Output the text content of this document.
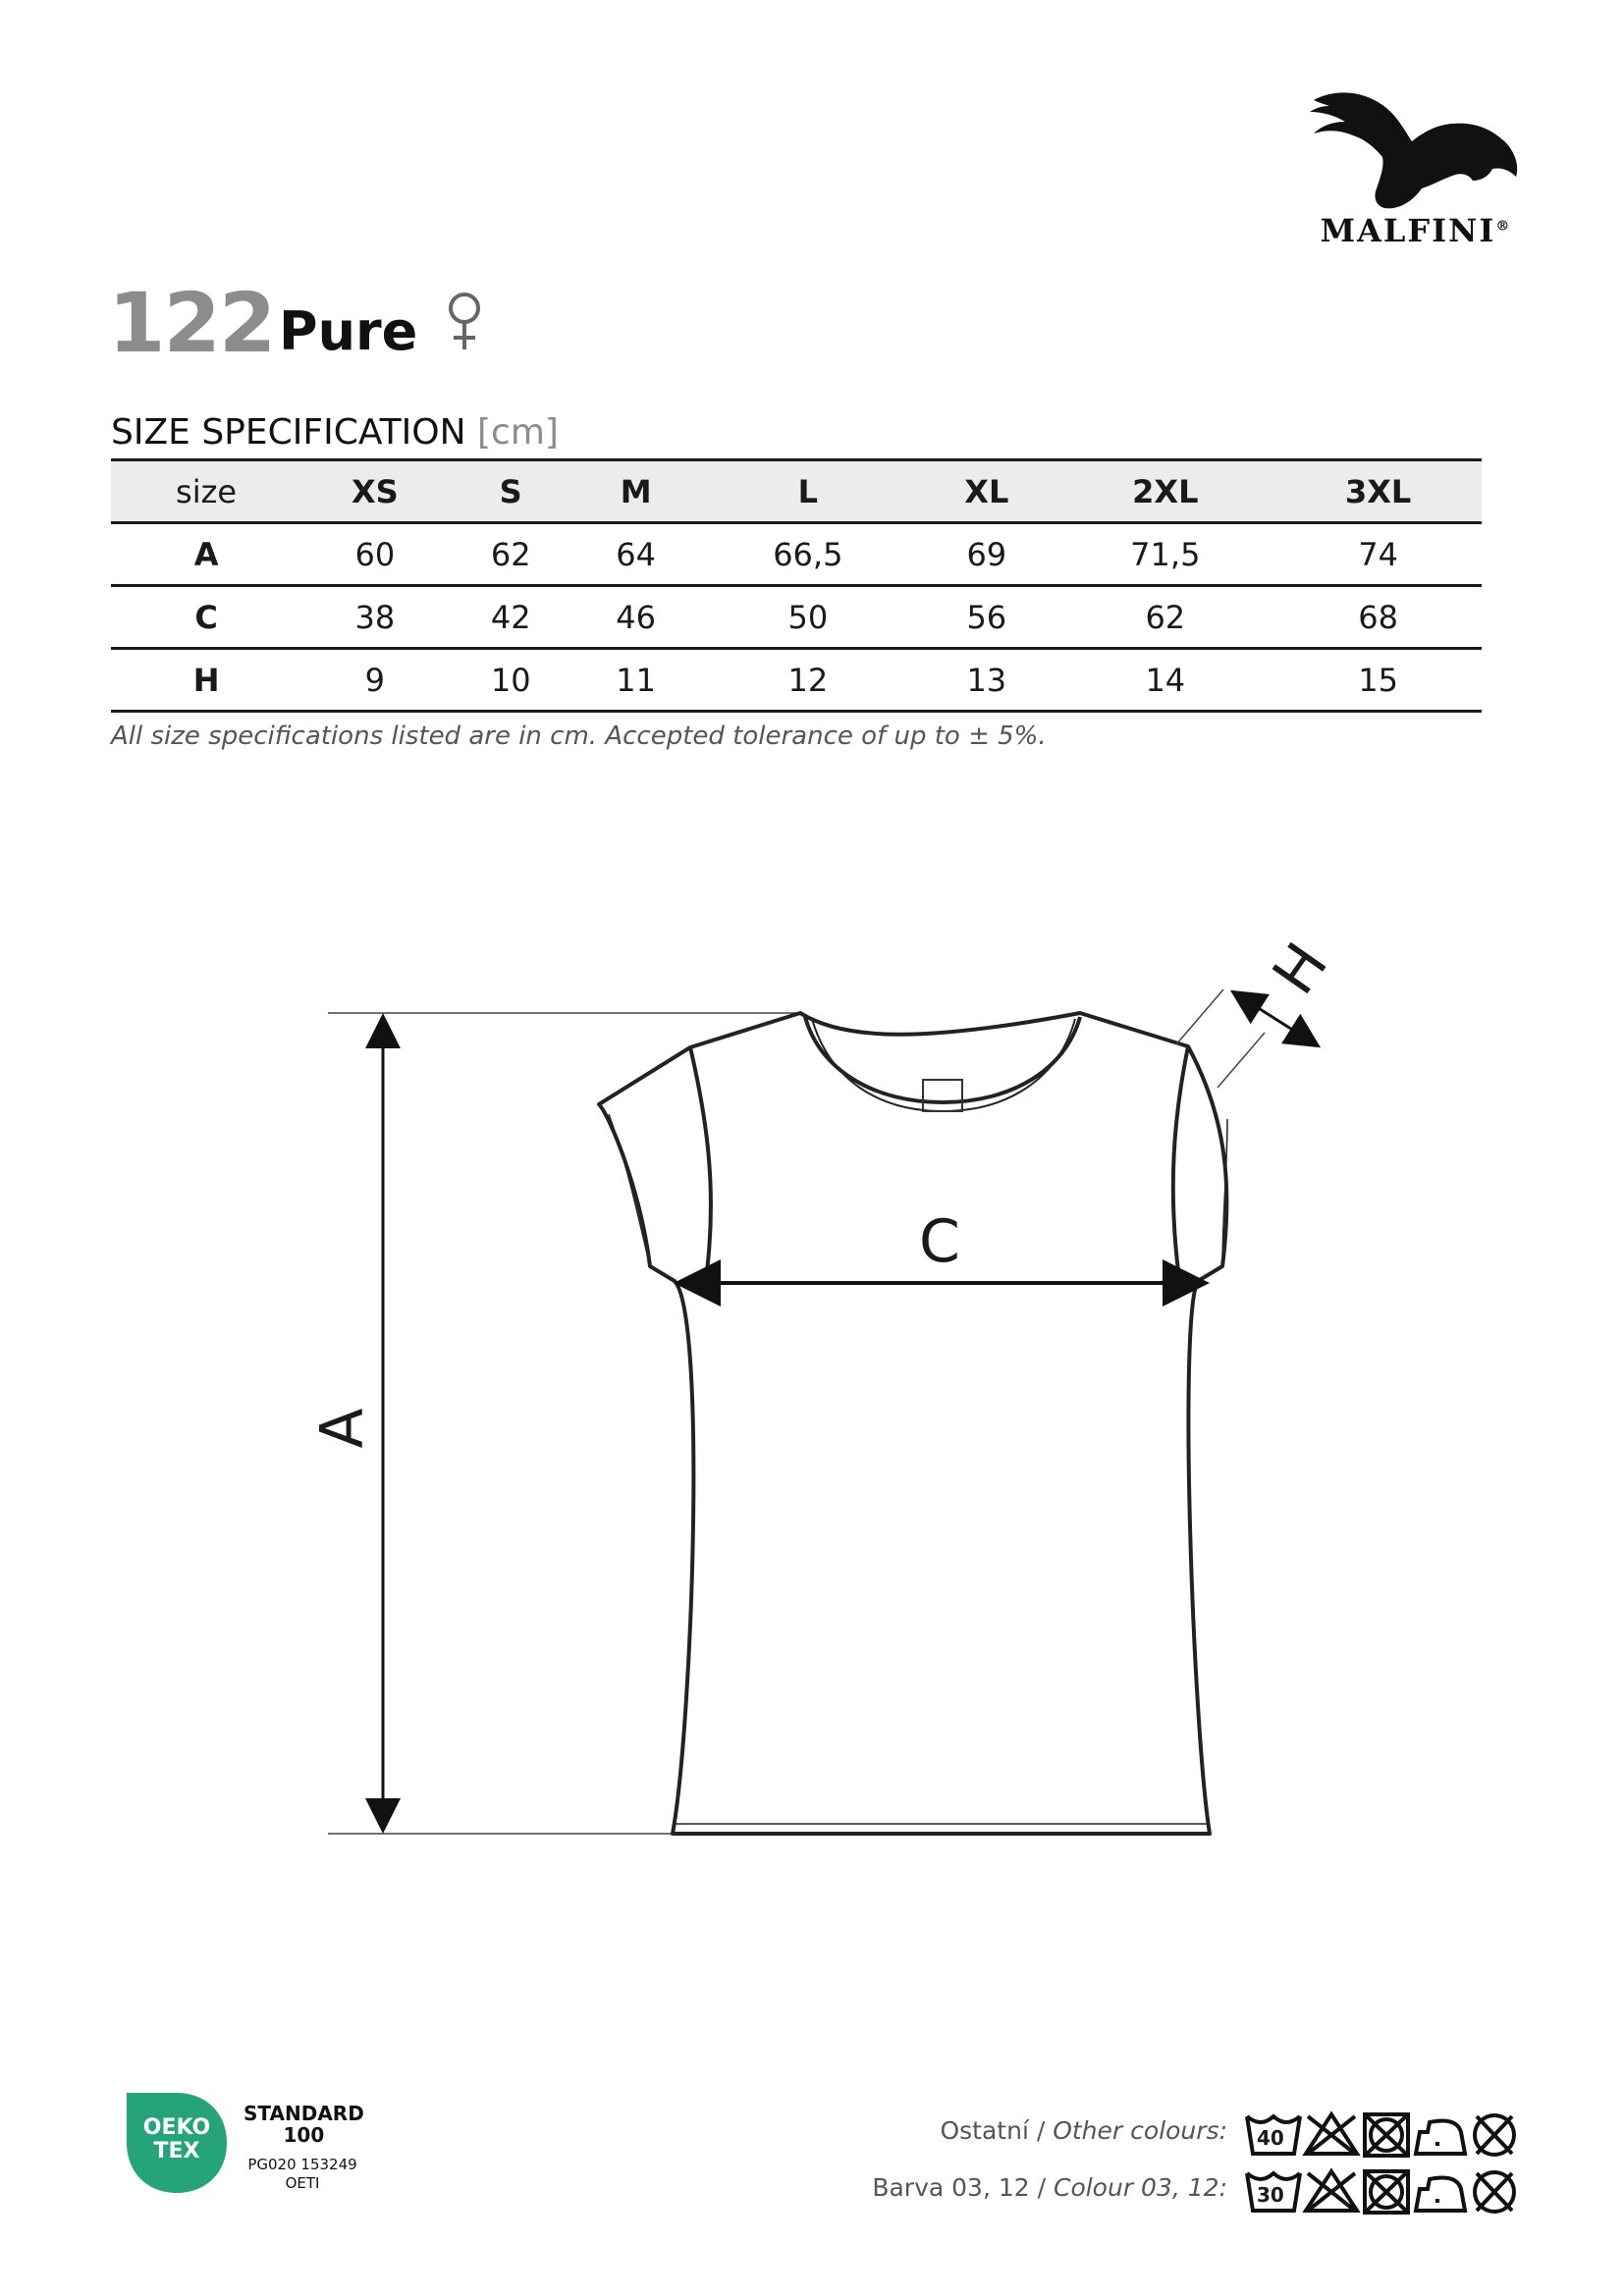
MALFINI®
122 Pure
SIZE SPECIFICATION [cm]
size	XS	S	M	L	XL	2XL	3XL
A	60	62	64	66,5	69	71,5	74
C	38	42	46	50	56	62	68
H	9	10	11	12	13	14	15
All size specifications listed are in cm. Accepted tolerance of up to ± 5%.
A
C
H
OEKO
TEX
STANDARD
100
PG020 153249
OETI
Ostatní / Other colours:
Barva 03, 12 / Colour 03, 12:
40
30
